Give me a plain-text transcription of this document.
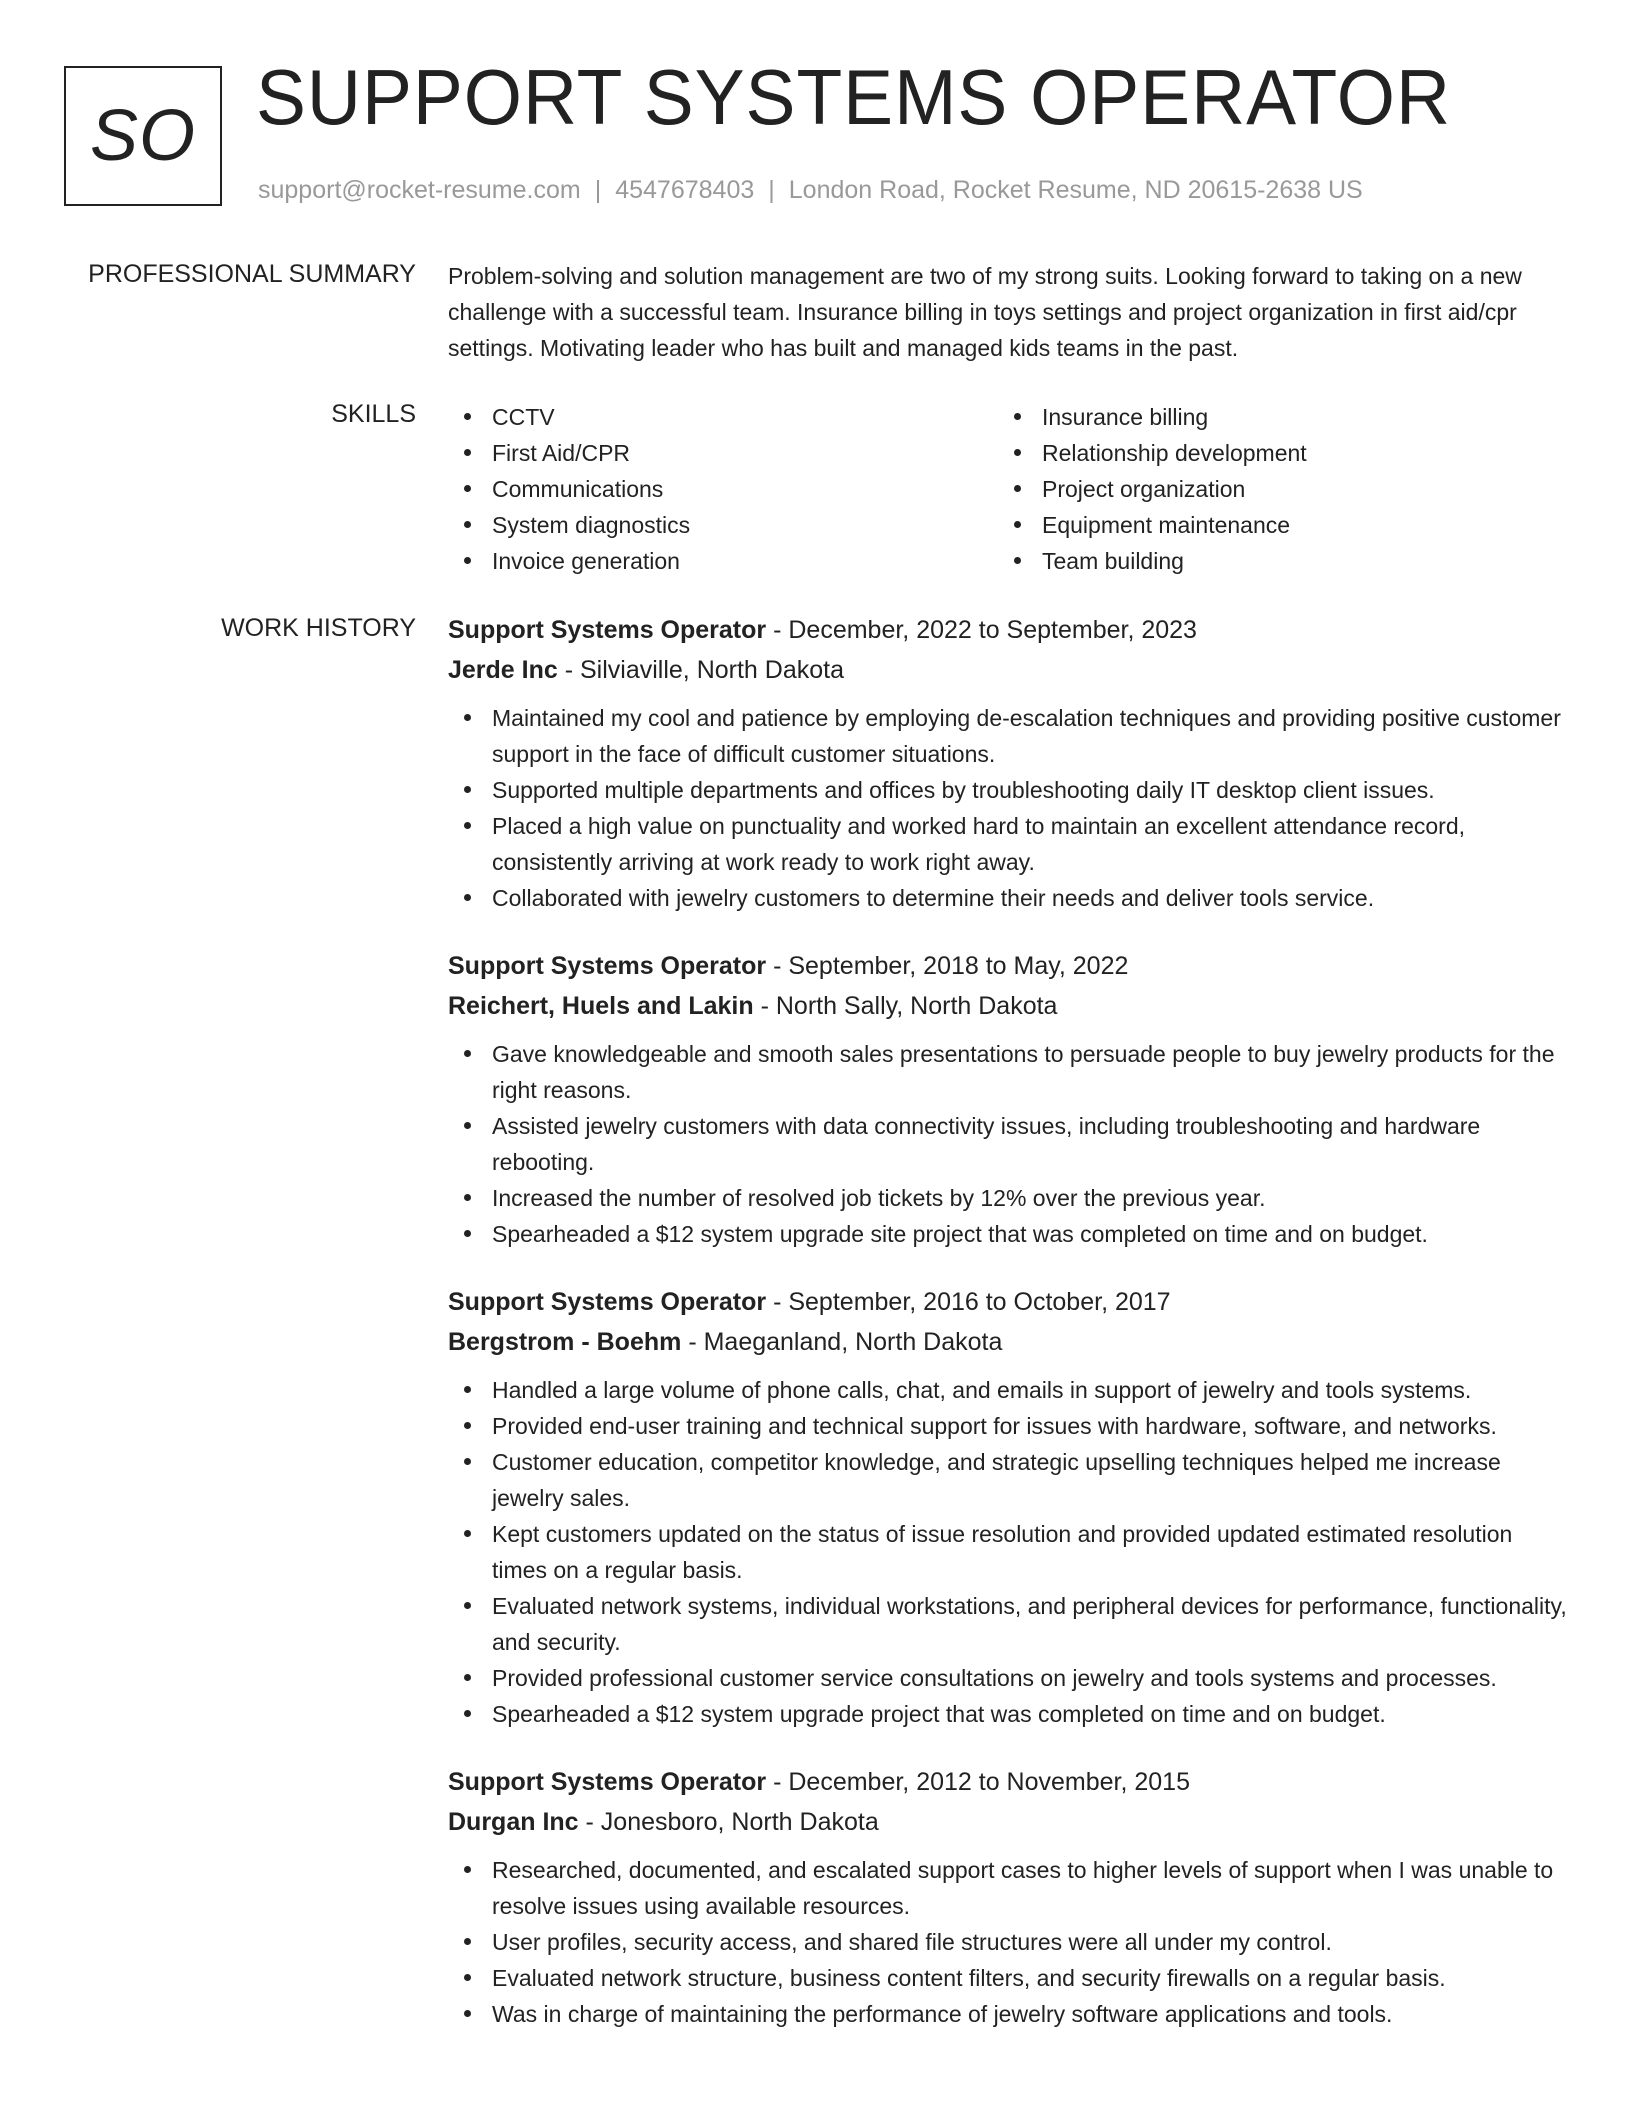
SO SUPPORT SYSTEMS OPERATOR
support@rocket-resume.com | 4547678403 | London Road, Rocket Resume, ND 20615-2638 US
PROFESSIONAL SUMMARY Problem-solving and solution management are two of my strong suits. Looking forward to taking on a new challenge with a successful team. Insurance billing in toys settings and project organization in first aid/cpr settings. Motivating leader who has built and managed kids teams in the past.

SKILLS	CCTV
First Aid/CPR
Communications
System diagnostics
Invoice generation
Insurance billing
Relationship development
Project organization
Equipment maintenance
Team building
WORK HISTORY Support Systems Operator - December, 2022 to September, 2023
Jerde Inc - Silviaville, North Dakota
Maintained my cool and patience by employing de-escalation techniques and providing positive customer support in the face of difficult customer situations.
Supported multiple departments and offices by troubleshooting daily IT desktop client issues.
Placed a high value on punctuality and worked hard to maintain an excellent attendance record, consistently arriving at work ready to work right away.
Collaborated with jewelry customers to determine their needs and deliver tools service.
Support Systems Operator - September, 2018 to May, 2022
Reichert, Huels and Lakin - North Sally, North Dakota
Gave knowledgeable and smooth sales presentations to persuade people to buy jewelry products for the right reasons.
Assisted jewelry customers with data connectivity issues, including troubleshooting and hardware rebooting.
Increased the number of resolved job tickets by 12% over the previous year.
Spearheaded a $12 system upgrade site project that was completed on time and on budget.
Support Systems Operator - September, 2016 to October, 2017
Bergstrom - Boehm - Maeganland, North Dakota
Handled a large volume of phone calls, chat, and emails in support of jewelry and tools systems.
Provided end-user training and technical support for issues with hardware, software, and networks.
Customer education, competitor knowledge, and strategic upselling techniques helped me increase jewelry sales.
Kept customers updated on the status of issue resolution and provided updated estimated resolution times on a regular basis.
Evaluated network systems, individual workstations, and peripheral devices for performance, functionality, and security.
Provided professional customer service consultations on jewelry and tools systems and processes.
Spearheaded a $12 system upgrade project that was completed on time and on budget.
Support Systems Operator - December, 2012 to November, 2015
Durgan Inc - Jonesboro, North Dakota
Researched, documented, and escalated support cases to higher levels of support when I was unable to resolve issues using available resources.
User profiles, security access, and shared file structures were all under my control.
Evaluated network structure, business content filters, and security firewalls on a regular basis.
Was in charge of maintaining the performance of jewelry software applications and tools.
